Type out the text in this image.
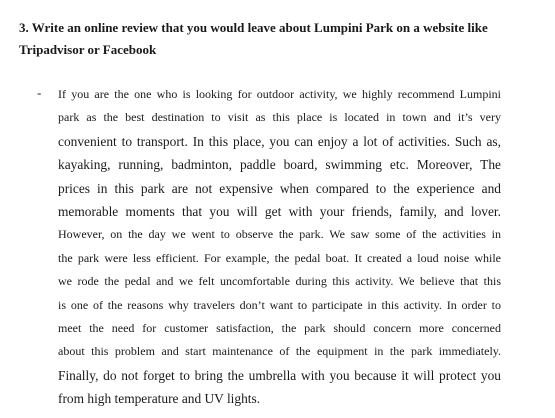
3. Write an online review that you would leave about Lumpini Park on a website like
Tripadvisor or Facebook
- If you are the one who is looking for outdoor activity, we highly recommend Lumpini
park as the best destination to visit as this place is located in town and it’s very
convenient to transport. In this place, you can enjoy a lot of activities. Such as,
kayaking, running, badminton, paddle board, swimming etc. Moreover, The
prices in this park are not expensive when compared to the experience and
memorable moments that you will get with your friends, family, and lover.
However, on the day we went to observe the park. We saw some of the activities in
the park were less efficient. For example, the pedal boat. It created a loud noise while
we rode the pedal and we felt uncomfortable during this activity. We believe that this
is one of the reasons why travelers don’t want to participate in this activity. In order to
meet the need for customer satisfaction, the park should concern more concerned
about this problem and start maintenance of the equipment in the park immediately.
Finally, do not forget to bring the umbrella with you because it will protect you
from high temperature and UV lights.
